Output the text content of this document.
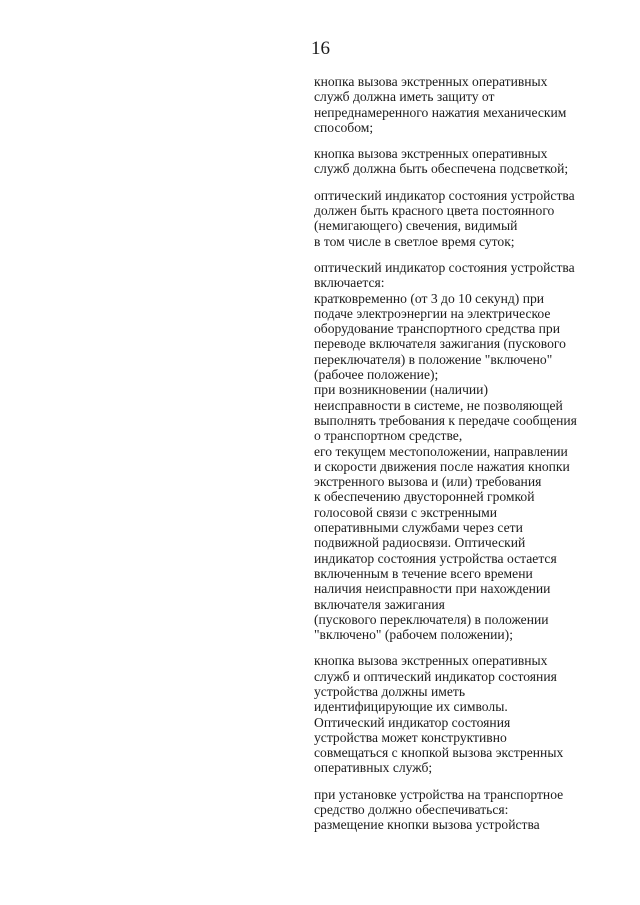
16
кнопка вызова экстренных оперативных
служб должна иметь защиту от
непреднамеренного нажатия механическим
способом;
кнопка вызова экстренных оперативных
служб должна быть обеспечена подсветкой;
оптический индикатор состояния устройства
должен быть красного цвета постоянного
(немигающего) свечения, видимый
в том числе в светлое время суток;
оптический индикатор состояния устройства
включается:
кратковременно (от 3 до 10 секунд) при
подаче электроэнергии на электрическое
оборудование транспортного средства при
переводе включателя зажигания (пускового
переключателя) в положение "включено"
(рабочее положение);
при возникновении (наличии)
неисправности в системе, не позволяющей
выполнять требования к передаче сообщения
о транспортном средстве,
его текущем местоположении, направлении
и скорости движения после нажатия кнопки
экстренного вызова и (или) требования
к обеспечению двусторонней громкой
голосовой связи с экстренными
оперативными службами через сети
подвижной радиосвязи. Оптический
индикатор состояния устройства остается
включенным в течение всего времени
наличия неисправности при нахождении
включателя зажигания
(пускового переключателя) в положении
"включено" (рабочем положении);
кнопка вызова экстренных оперативных
служб и оптический индикатор состояния
устройства должны иметь
идентифицирующие их символы.
Оптический индикатор состояния
устройства может конструктивно
совмещаться с кнопкой вызова экстренных
оперативных служб;
при установке устройства на транспортное
средство должно обеспечиваться:
размещение кнопки вызова устройства
